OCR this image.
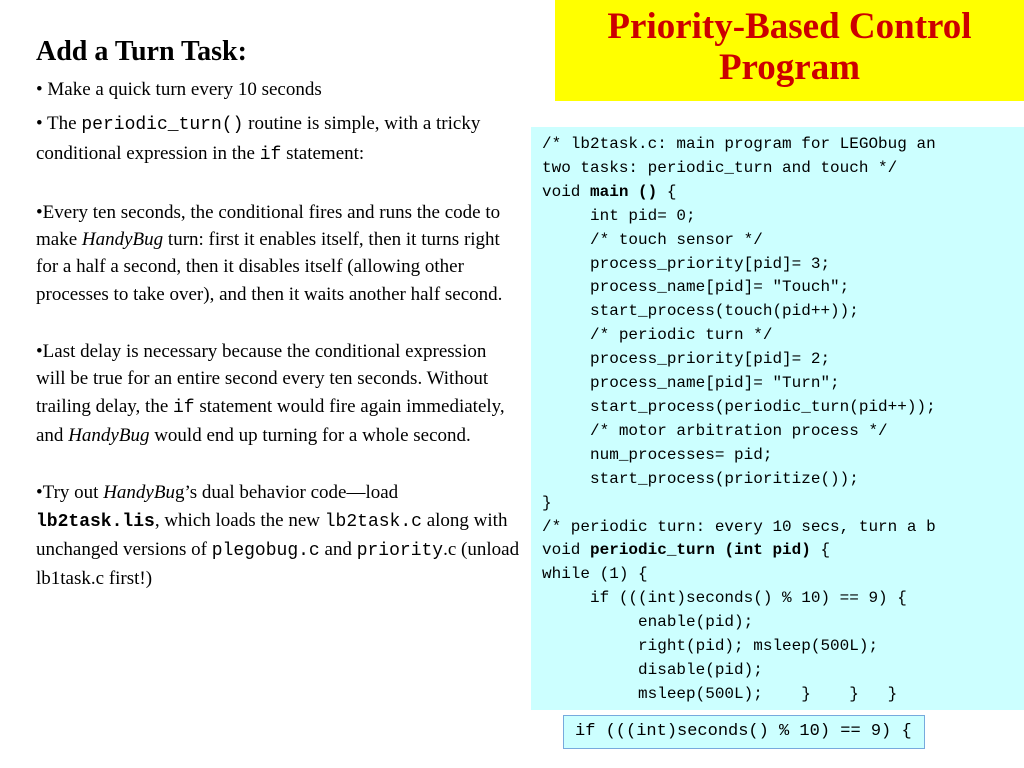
Priority-Based Control
Program
Add a Turn Task:

• Make a quick turn every 10 seconds

• The periodic_turn() routine is simple, with a tricky conditional expression in the if statement:

•Every ten seconds, the conditional fires and runs the code to make HandyBug turn: first it enables itself, then it turns right for a half a second, then it disables itself (allowing other processes to take over), and then it waits another half second.

•Last delay is necessary because the conditional expression will be true for an entire second every ten seconds. Without trailing delay, the if statement would fire again immediately, and HandyBug would end up turning for a whole second.

•Try out HandyBug’s dual behavior code—load lb2task.lis, which loads the new lb2task.c along with unchanged versions of plegobug.c and priority.c (unload lb1task.c first!)

/* lb2task.c: main program for LEGObug an
two tasks: periodic_turn and touch */
void main () {
int pid= 0;
/* touch sensor */
process_priority[pid]= 3;
process_name[pid]= "Touch";
start_process(touch(pid++));
/* periodic turn */
process_priority[pid]= 2;
process_name[pid]= "Turn";
start_process(periodic_turn(pid++));
/* motor arbitration process */
num_processes= pid;
start_process(prioritize());
}
/* periodic turn: every 10 secs, turn a b
void periodic_turn (int pid) {
while (1) {
if (((int)seconds() % 10) == 9) {
enable(pid);
right(pid); msleep(500L);
disable(pid);
msleep(500L);    }    }   }
if (((int)seconds() % 10) == 9) {
